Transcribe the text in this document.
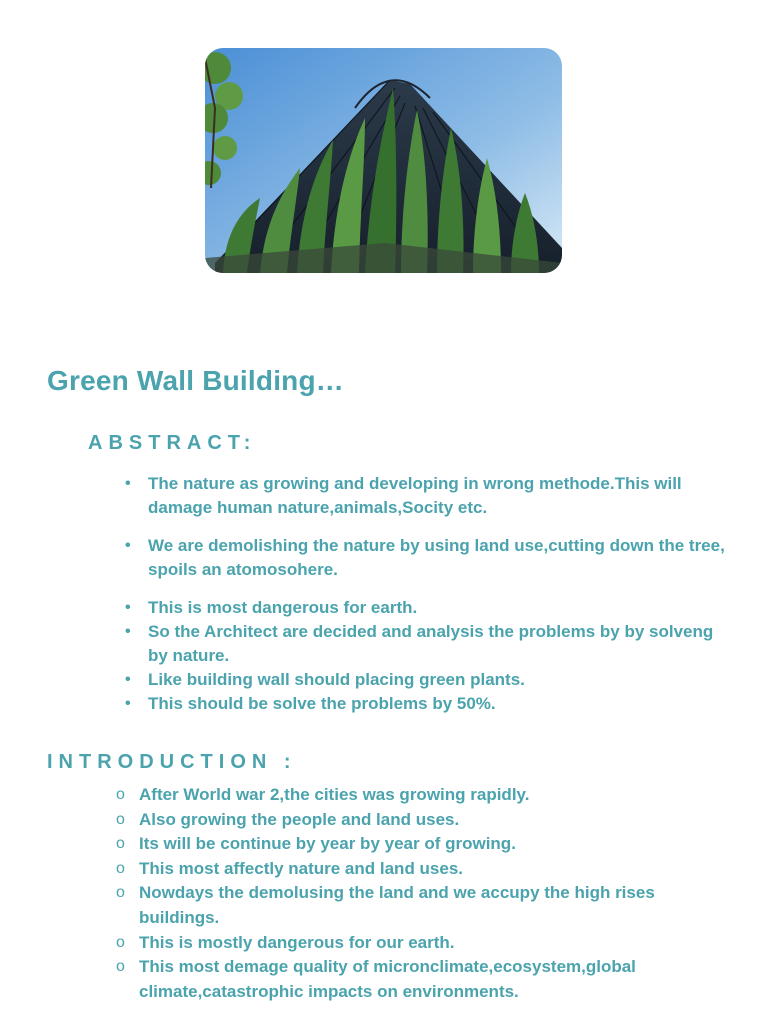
Green Wall Building…
ABSTRACT:
•	The nature as growing and developing in wrong methode.This will damage human nature,animals,Socity etc.
•	We are demolishing the nature by using land use,cutting down the tree, spoils an atomosohere.
•	This is most dangerous for earth.
•	So the Architect are decided and analysis the problems by by solveng by nature.
•	Like building wall should placing green plants.
•	This should be solve the problems by 50%.
INTRODUCTION :
o After World war 2,the cities was growing rapidly.
o Also growing the people and land uses.
o Its will be continue by year by year of growing.
o This most affectly nature and land uses.
o Nowdays the demolusing the land and we accupy the high rises buildings.
o This is mostly dangerous for our earth.
o This most demage quality of micronclimate,ecosystem,global climate,catastrophic impacts on environments.
